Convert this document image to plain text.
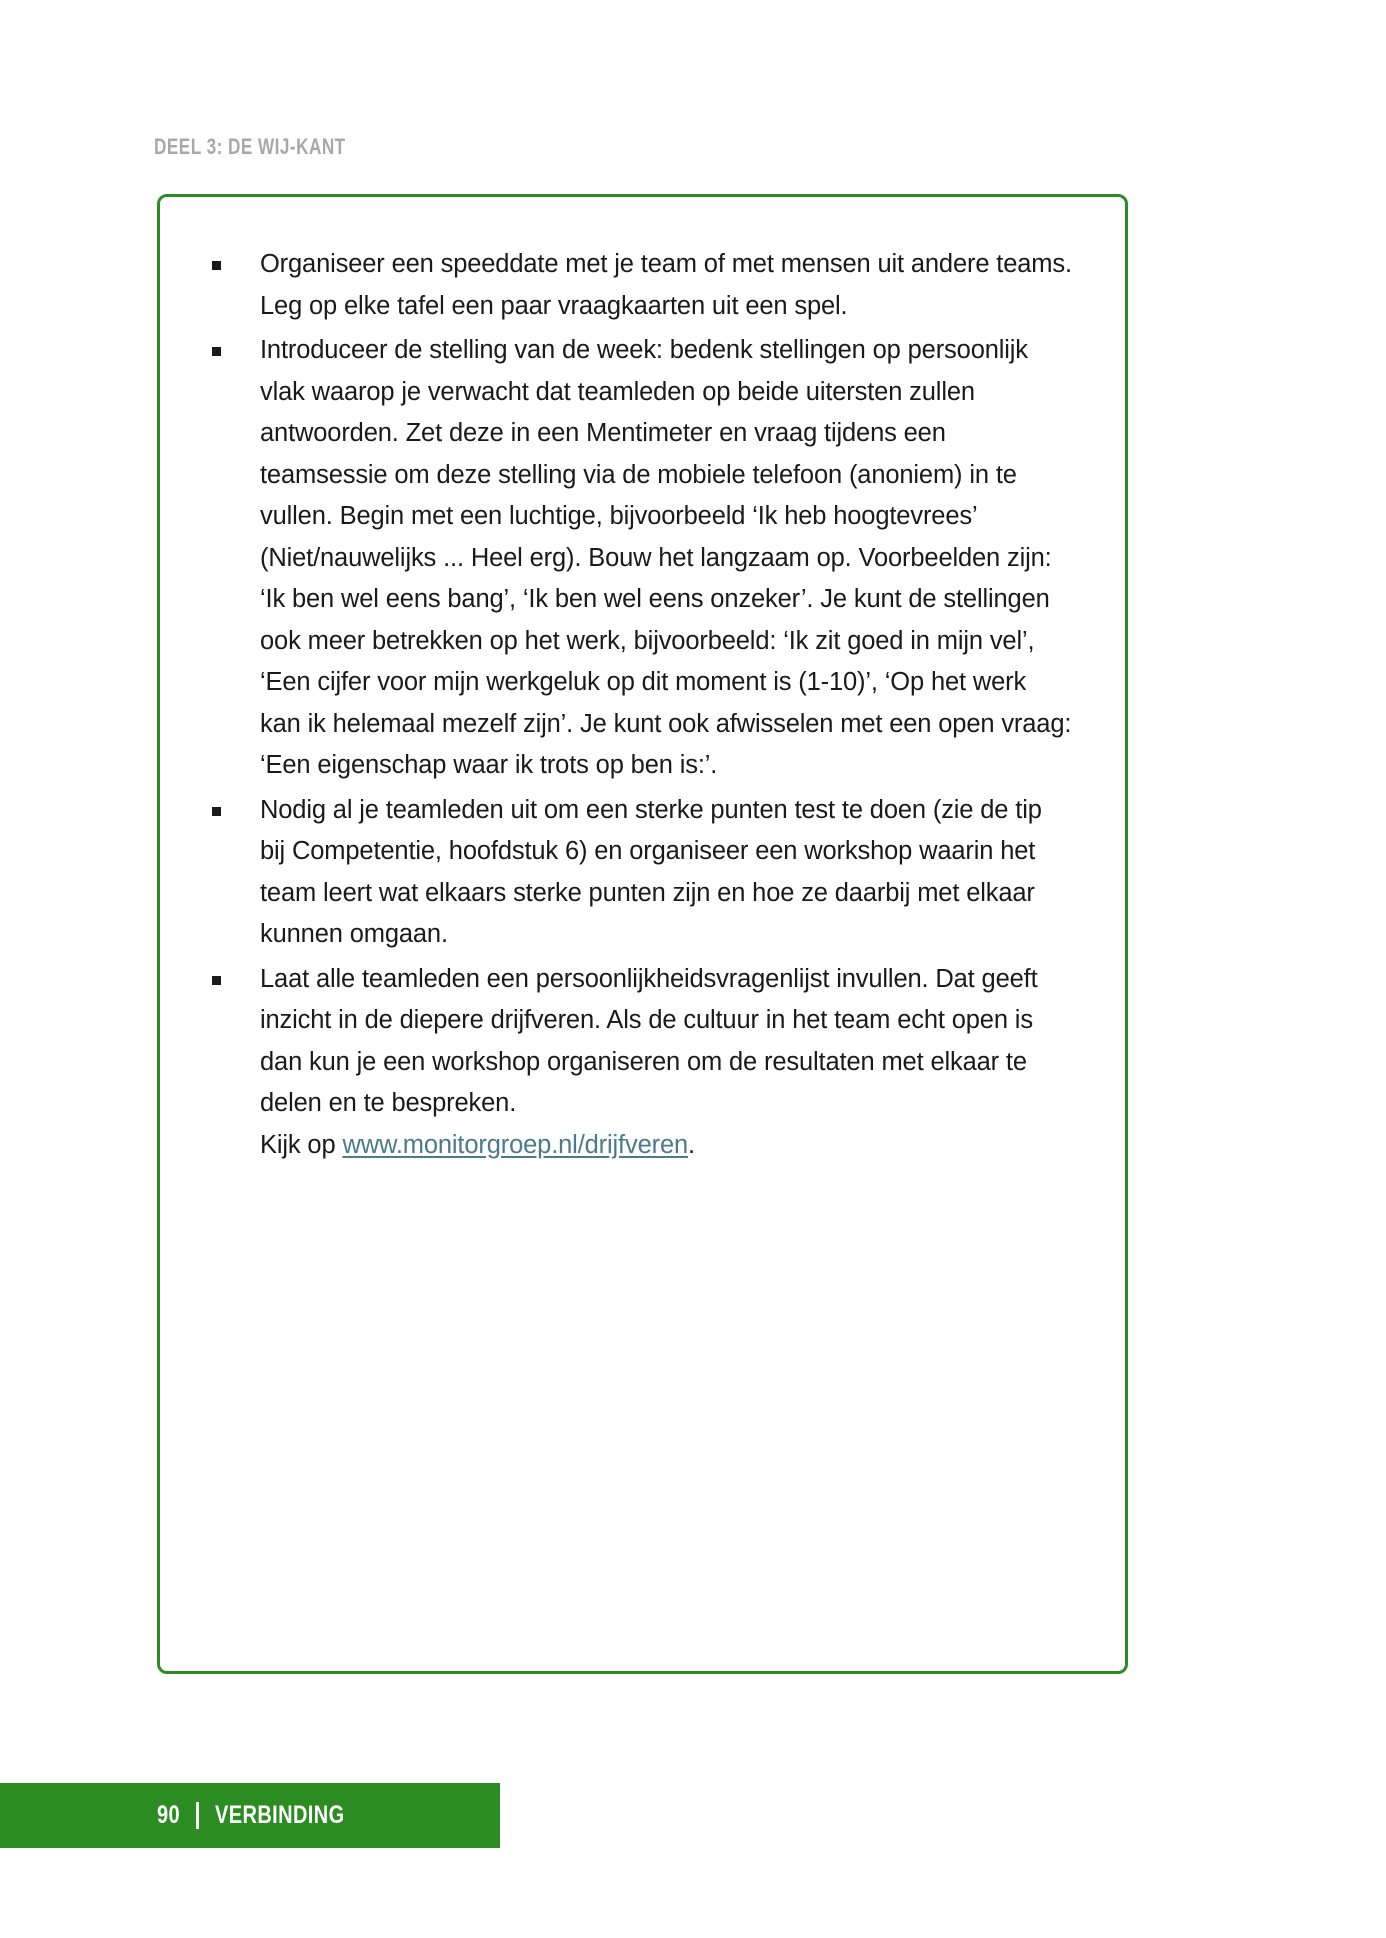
DEEL 3: DE WIJ-KANT
Organiseer een speeddate met je team of met mensen uit andere teams. Leg op elke tafel een paar vraagkaarten uit een spel.
Introduceer de stelling van de week: bedenk stellingen op persoonlijk vlak waarop je verwacht dat teamleden op beide uitersten zullen antwoorden. Zet deze in een Mentimeter en vraag tijdens een teamsessie om deze stelling via de mobiele telefoon (anoniem) in te vullen. Begin met een luchtige, bijvoorbeeld ‘Ik heb hoogtevrees’ (Niet/nauwelijks ... Heel erg). Bouw het langzaam op. Voorbeelden zijn: ‘Ik ben wel eens bang’, ‘Ik ben wel eens onzeker’. Je kunt de stellingen ook meer betrekken op het werk, bijvoorbeeld: ‘Ik zit goed in mijn vel’, ‘Een cijfer voor mijn werkgeluk op dit moment is (1-10)’, ‘Op het werk kan ik helemaal mezelf zijn’. Je kunt ook afwisselen met een open vraag: ‘Een eigenschap waar ik trots op ben is:’.
Nodig al je teamleden uit om een sterke punten test te doen (zie de tip bij Competentie, hoofdstuk 6) en organiseer een workshop waarin het team leert wat elkaars sterke punten zijn en hoe ze daarbij met elkaar kunnen omgaan.
Laat alle teamleden een persoonlijkheidsvragenlijst invullen. Dat geeft inzicht in de diepere drijfveren. Als de cultuur in het team echt open is dan kun je een workshop organiseren om de resultaten met elkaar te delen en te bespreken.
Kijk op www.monitorgroep.nl/drijfveren.
90 VERBINDING
